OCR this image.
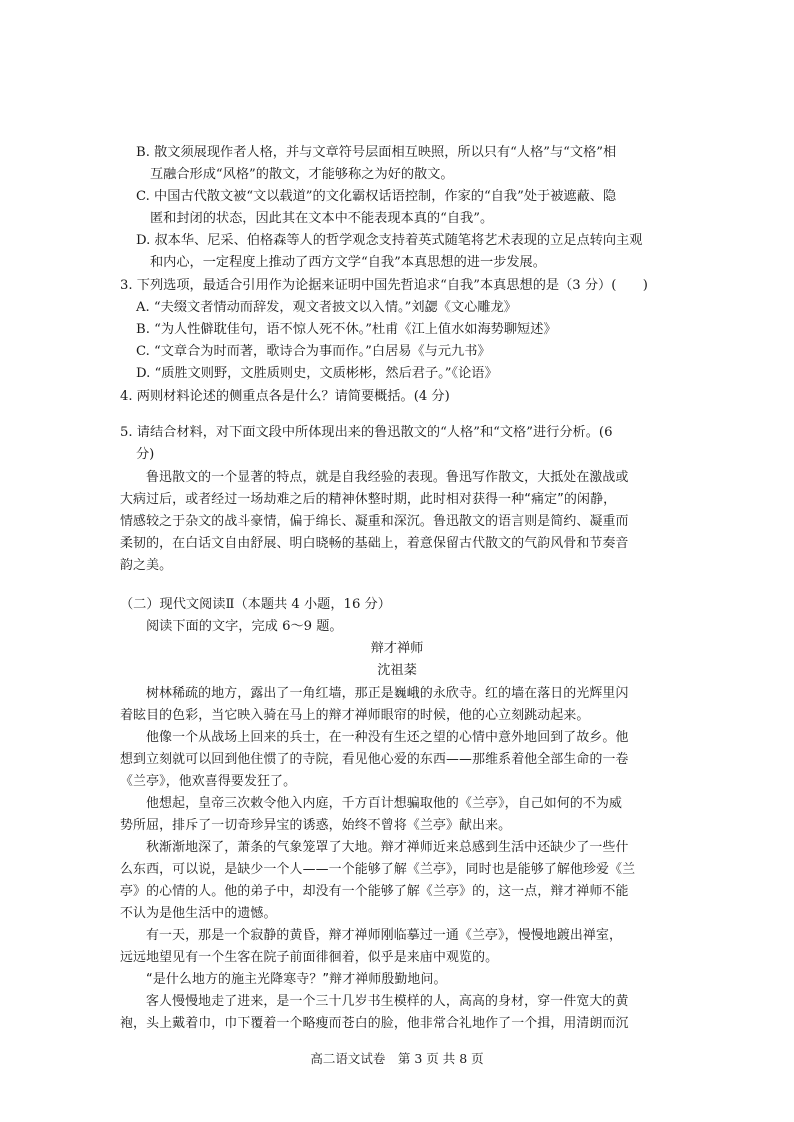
B. 散文须展现作者人格，并与文章符号层面相互映照，所以只有“人格”与“文格”相
互融合形成“风格”的散文，才能够称之为好的散文。
C. 中国古代散文被“文以载道”的文化霸权话语控制，作家的“自我”处于被遮蔽、隐
匿和封闭的状态，因此其在文本中不能表现本真的“自我”。
D. 叔本华、尼采、伯格森等人的哲学观念支持着英式随笔将艺术表现的立足点转向主观
和内心，一定程度上推动了西方文学“自我”本真思想的进一步发展。
3. 下列选项，最适合引用作为论据来证明中国先哲追求“自我”本真思想的是（3 分）(　　)
A. “夫缀文者情动而辞发，观文者披文以入情。”刘勰《文心雕龙》
B. “为人性僻耽佳句，语不惊人死不休。”杜甫《江上值水如海势聊短述》
C. “文章合为时而著，歌诗合为事而作。”白居易《与元九书》
D. “质胜文则野，文胜质则史，文质彬彬，然后君子。”《论语》
4. 两则材料论述的侧重点各是什么？请简要概括。(4 分)
5. 请结合材料，对下面文段中所体现出来的鲁迅散文的“人格”和“文格”进行分析。(6
分)
鲁迅散文的一个显著的特点，就是自我经验的表现。鲁迅写作散文，大抵处在激战或
大病过后，或者经过一场劫难之后的精神休整时期，此时相对获得一种“痛定”的闲静，
情感较之于杂文的战斗豪情，偏于绵长、凝重和深沉。鲁迅散文的语言则是简约、凝重而
柔韧的，在白话文自由舒展、明白晓畅的基础上，着意保留古代散文的气韵风骨和节奏音
韵之美。
（二）现代文阅读Ⅱ（本题共 4 小题，16 分）
阅读下面的文字，完成 6～9 题。
辩才禅师
沈祖棻
树林稀疏的地方，露出了一角红墙，那正是巍峨的永欣寺。红的墙在落日的光辉里闪
着眩目的色彩，当它映入骑在马上的辩才禅师眼帘的时候，他的心立刻跳动起来。
他像一个从战场上回来的兵士，在一种没有生还之望的心情中意外地回到了故乡。他
想到立刻就可以回到他住惯了的寺院，看见他心爱的东西——那维系着他全部生命的一卷
《兰亭》，他欢喜得要发狂了。
他想起，皇帝三次敕令他入内庭，千方百计想骗取他的《兰亭》，自己如何的不为威
势所屈，排斥了一切奇珍异宝的诱惑，始终不曾将《兰亭》献出来。
秋渐渐地深了，萧条的气象笼罩了大地。辩才禅师近来总感到生活中还缺少了一些什
么东西，可以说，是缺少一个人——一个能够了解《兰亭》，同时也是能够了解他珍爱《兰
亭》的心情的人。他的弟子中，却没有一个能够了解《兰亭》的，这一点，辩才禅师不能
不认为是他生活中的遗憾。
有一天，那是一个寂静的黄昏，辩才禅师刚临摹过一通《兰亭》，慢慢地踱出禅室，
远远地望见有一个生客在院子前面徘徊着，似乎是来庙中观览的。
“是什么地方的施主光降寒寺？”辩才禅师殷勤地问。
客人慢慢地走了进来，是一个三十几岁书生模样的人，高高的身材，穿一件宽大的黄
袍，头上戴着巾，巾下覆着一个略瘦而苍白的脸，他非常合礼地作了一个揖，用清朗而沉
高二语文试卷　第 3 页 共 8 页
